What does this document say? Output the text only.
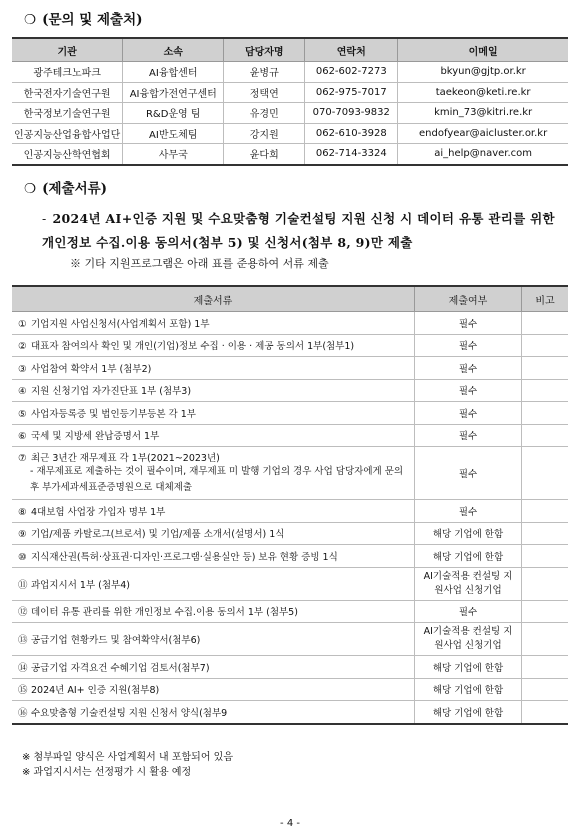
❍ (문의 및 제출처)
기관	소속	담당자명	연락처	이메일
광주테크노파크	AI융합센터	윤병규	062-602-7273	bkyun@gjtp.or.kr
한국전자기술연구원	AI융합가전연구센터	정택연	062-975-7017	taekeon@keti.re.kr
한국정보기술연구원	R&D운영 팀	유경민	070-7093-9832	kmin_73@kitri.re.kr
인공지능산업융합사업단	AI반도체팀	강지원	062-610-3928	endofyear@aicluster.or.kr
인공지능산학연협회	사무국	윤다희	062-714-3324	ai_help@naver.com
❍ (제출서류)
- 2024년 AI+인증 지원 및 수요맞춤형 기술컨설팅 지원 신청 시 데이터 유통 관리를 위한 개인정보 수집.이용 동의서(첨부 5) 및 신청서(첨부 8, 9)만 제출
※ 기타 지원프로그램은 아래 표를 준용하여 서류 제출
제출서류	제출여부	비고
① 기업지원 사업신청서(사업계획서 포함) 1부	필수	
② 대표자 참여의사 확인 및 개인(기업)정보 수집 · 이용 · 제공 동의서 1부(첨부1)	필수	
③ 사업참여 확약서 1부 (첨부2)	필수	
④ 지원 신청기업 자가진단표 1부 (첨부3)	필수	
⑤ 사업자등록증 및 법인등기부등본 각 1부	필수	
⑥ 국세 및 지방세 완납증명서 1부	필수	
⑦ 최근 3년간 재무제표 각 1부(2021~2023년)
- 재무제표로 제출하는 것이 필수이며, 재무제표 미 발행 기업의 경우 사업 담당자에게 문의 후 부가세과세표준증명원으로 대체제출	필수	
⑧ 4대보험 사업장 가입자 명부 1부	필수	
⑨ 기업/제품 카탈로그(브로셔) 및 기업/제품 소개서(설명서) 1식	해당 기업에 한함	
⑩ 지식재산권(특허·상표권·디자인·프로그램·실용실안 등) 보유 현황 증빙 1식	해당 기업에 한함	
⑪ 과업지시서 1부 (첨부4)	AI기술적용 컨설팅 지원사업 신청기업	
⑫ 데이터 유통 관리를 위한 개인정보 수집.이용 동의서 1부 (첨부5)	필수	
⑬ 공급기업 현황카드 및 참여확약서(첨부6)	AI기술적용 컨설팅 지원사업 신청기업	
⑭ 공급기업 자격요건 수혜기업 검토서(첨부7)	해당 기업에 한함	
⑮ 2024년 AI+ 인증 지원(첨부8)	해당 기업에 한함	
⑯ 수요맞춤형 기술컨설팅 지원 신청서 양식(첨부9	해당 기업에 한함	
※ 첨부파일 양식은 사업계획서 내 포함되어 있음
※ 과업지시서는 선정평가 시 활용 예정
- 4 -
